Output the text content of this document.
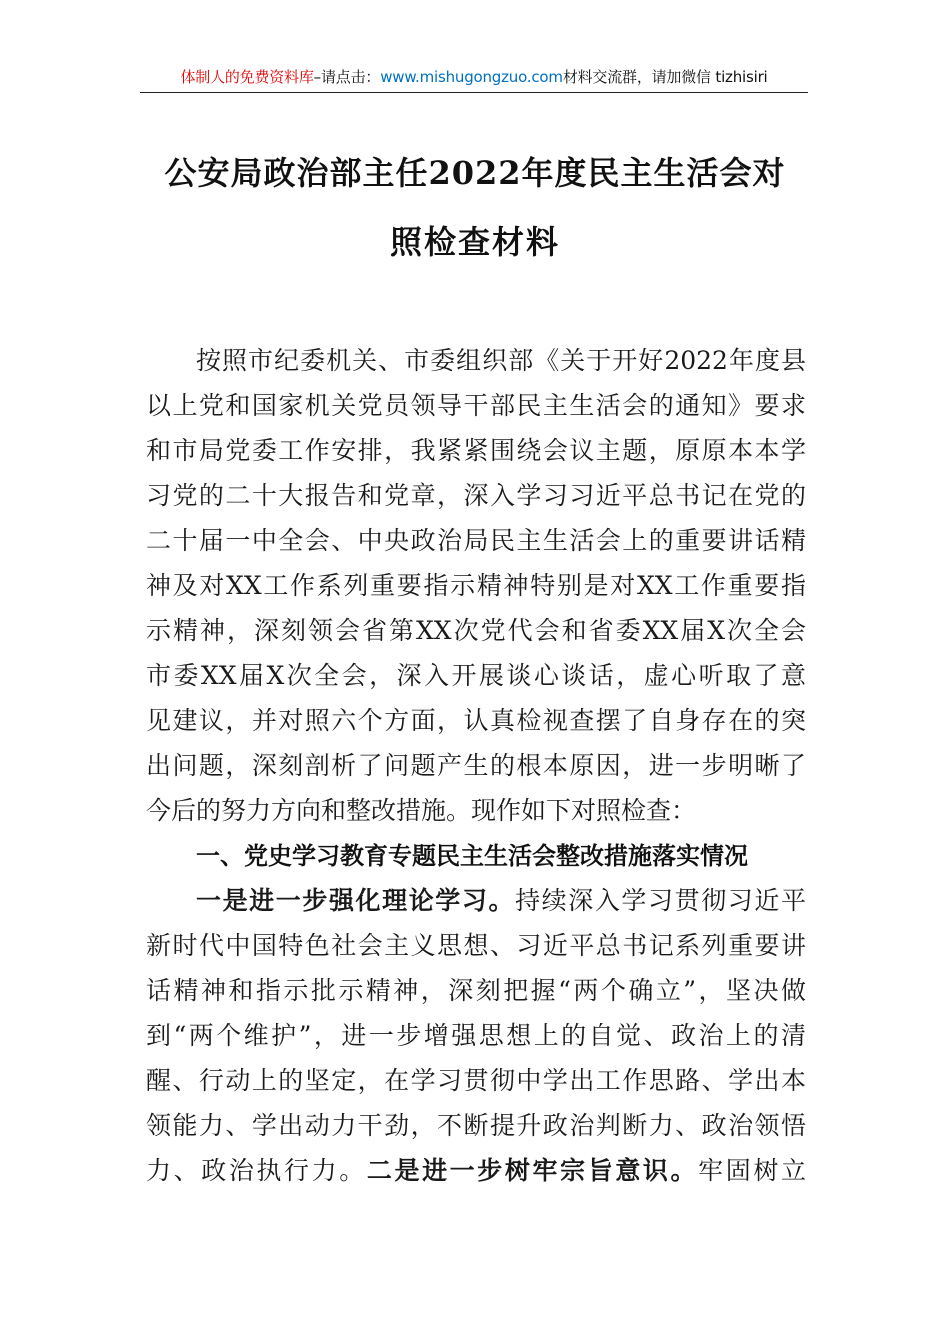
体制人的免费资料库–请点击：www.mishugongzuo.com材料交流群，请加微信 tizhisiri
公安局政治部主任2022年度民主生活会对
照检查材料
按照市纪委机关、市委组织部《关于开好2022年度县
以上党和国家机关党员领导干部民主生活会的通知》要求
和市局党委工作安排，我紧紧围绕会议主题，原原本本学
习党的二十大报告和党章，深入学习习近平总书记在党的
二十届一中全会、中央政治局民主生活会上的重要讲话精
神及对XX工作系列重要指示精神特别是对XX工作重要指
示精神，深刻领会省第XX次党代会和省委XX届X次全会
市委XX届X次全会，深入开展谈心谈话，虚心听取了意
见建议，并对照六个方面，认真检视查摆了自身存在的突
出问题，深刻剖析了问题产生的根本原因，进一步明晰了
今后的努力方向和整改措施。现作如下对照检查：
一、党史学习教育专题民主生活会整改措施落实情况
一是进一步强化理论学习。持续深入学习贯彻习近平
新时代中国特色社会主义思想、习近平总书记系列重要讲
话精神和指示批示精神，深刻把握“两个确立”，坚决做
到“两个维护”，进一步增强思想上的自觉、政治上的清
醒、行动上的坚定，在学习贯彻中学出工作思路、学出本
领能力、学出动力干劲，不断提升政治判断力、政治领悟
力、政治执行力。二是进一步树牢宗旨意识。牢固树立
